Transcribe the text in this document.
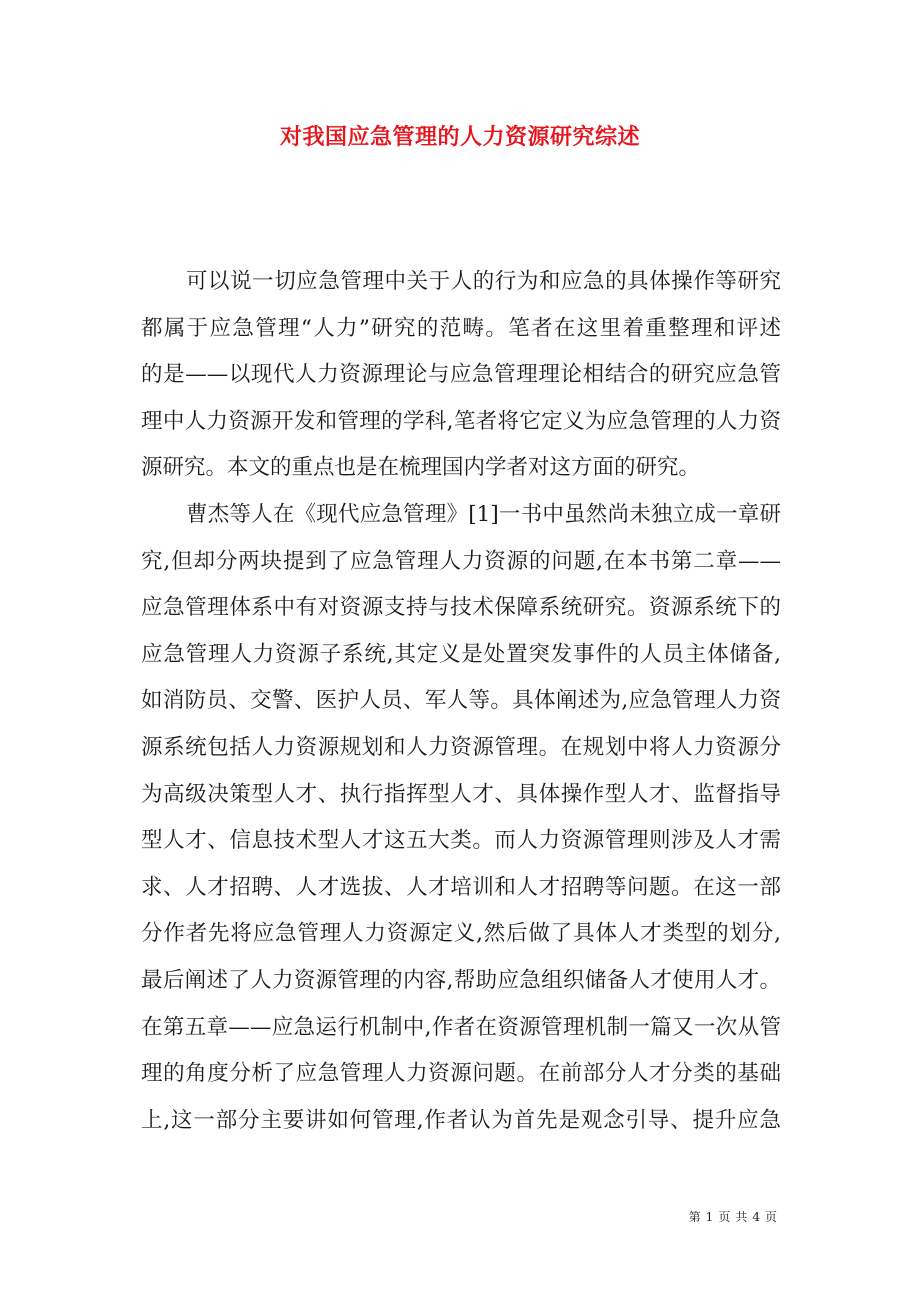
对我国应急管理的人力资源研究综述
可以说一切应急管理中关于人的行为和应急的具体操作等研究
都属于应急管理“人力”研究的范畴。笔者在这里着重整理和评述
的是——以现代人力资源理论与应急管理理论相结合的研究应急管
理中人力资源开发和管理的学科,笔者将它定义为应急管理的人力资
源研究。本文的重点也是在梳理国内学者对这方面的研究。
曹杰等人在《现代应急管理》[1]一书中虽然尚未独立成一章研
究,但却分两块提到了应急管理人力资源的问题,在本书第二章——
应急管理体系中有对资源支持与技术保障系统研究。资源系统下的
应急管理人力资源子系统,其定义是处置突发事件的人员主体储备,
如消防员、交警、医护人员、军人等。具体阐述为,应急管理人力资
源系统包括人力资源规划和人力资源管理。在规划中将人力资源分
为高级决策型人才、执行指挥型人才、具体操作型人才、监督指导
型人才、信息技术型人才这五大类。而人力资源管理则涉及人才需
求、人才招聘、人才选拔、人才培训和人才招聘等问题。在这一部
分作者先将应急管理人力资源定义,然后做了具体人才类型的划分,
最后阐述了人力资源管理的内容,帮助应急组织储备人才使用人才。
在第五章——应急运行机制中,作者在资源管理机制一篇又一次从管
理的角度分析了应急管理人力资源问题。在前部分人才分类的基础
上,这一部分主要讲如何管理,作者认为首先是观念引导、提升应急
第 1 页 共 4 页
